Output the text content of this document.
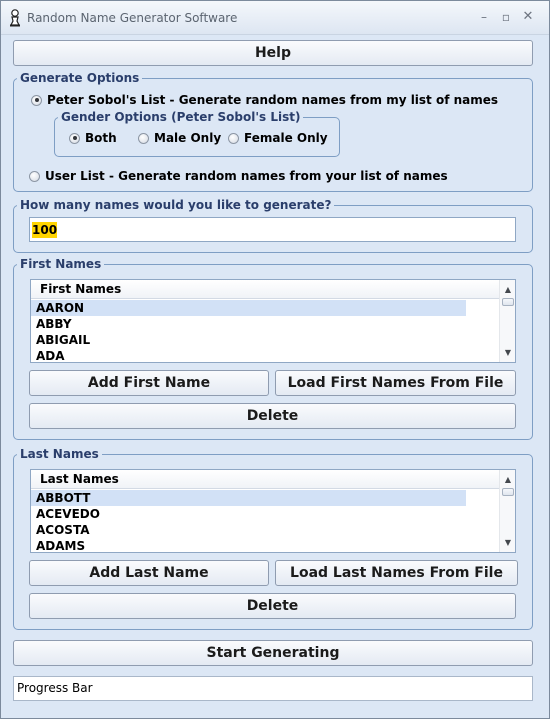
Random Name Generator Software	–	▫ ✕
Help
Generate Options
Peter Sobol's List - Generate random names from my list of names
Gender Options (Peter Sobol's List)
Both	Male Only Female Only
User List - Generate random names from your list of names
How many names would you like to generate?
100
First Names
First Names
AARON
ABBY
ABIGAIL
ADA
▲
▼
Add First Name	Load First Names From File
Delete
Last Names
Last Names
ABBOTT
ACEVEDO
ACOSTA
ADAMS
▲
▼
Add Last Name	Load Last Names From File
Delete
Start Generating
Progress Bar
